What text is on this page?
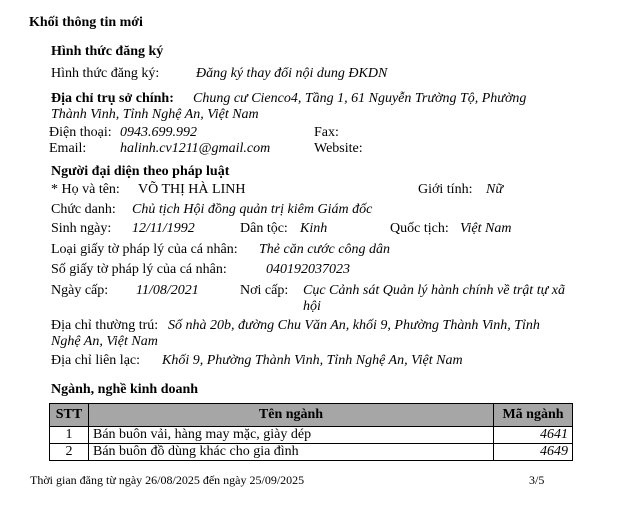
Khối thông tin mới
Hình thức đăng ký
Hình thức đăng ký:	Đăng ký thay đổi nội dung ĐKDN
Địa chỉ trụ sở chính: Chung cư Cienco4, Tầng 1, 61 Nguyễn Trường Tộ, Phường
Thành Vinh, Tỉnh Nghệ An, Việt Nam
Điện thoại: 0943.699.992	Fax:
Email: halinh.cv1211@gmail.com	Website:
Người đại diện theo pháp luật
* Họ và tên: VÕ THỊ HÀ LINH	Giới tính: Nữ
Chức danh: Chủ tịch Hội đồng quản trị kiêm Giám đốc
Sinh ngày: 12/11/1992	Dân tộc: Kinh	Quốc tịch: Việt Nam
Loại giấy tờ pháp lý của cá nhân: Thẻ căn cước công dân
Số giấy tờ pháp lý của cá nhân:	040192037023
Ngày cấp: 11/08/2021	Nơi cấp: Cục Cảnh sát Quản lý hành chính về trật tự xã
hội
Địa chỉ thường trú: Số nhà 20b, đường Chu Văn An, khối 9, Phường Thành Vinh, Tỉnh
Nghệ An, Việt Nam
Địa chỉ liên lạc: Khối 9, Phường Thành Vinh, Tỉnh Nghệ An, Việt Nam
Ngành, nghề kinh doanh
STT	Tên ngành	Mã ngành
1	Bán buôn vải, hàng may mặc, giày dép	4641
2	Bán buôn đồ dùng khác cho gia đình	4649
Thời gian đăng từ ngày 26/08/2025 đến ngày 25/09/2025	3/5
